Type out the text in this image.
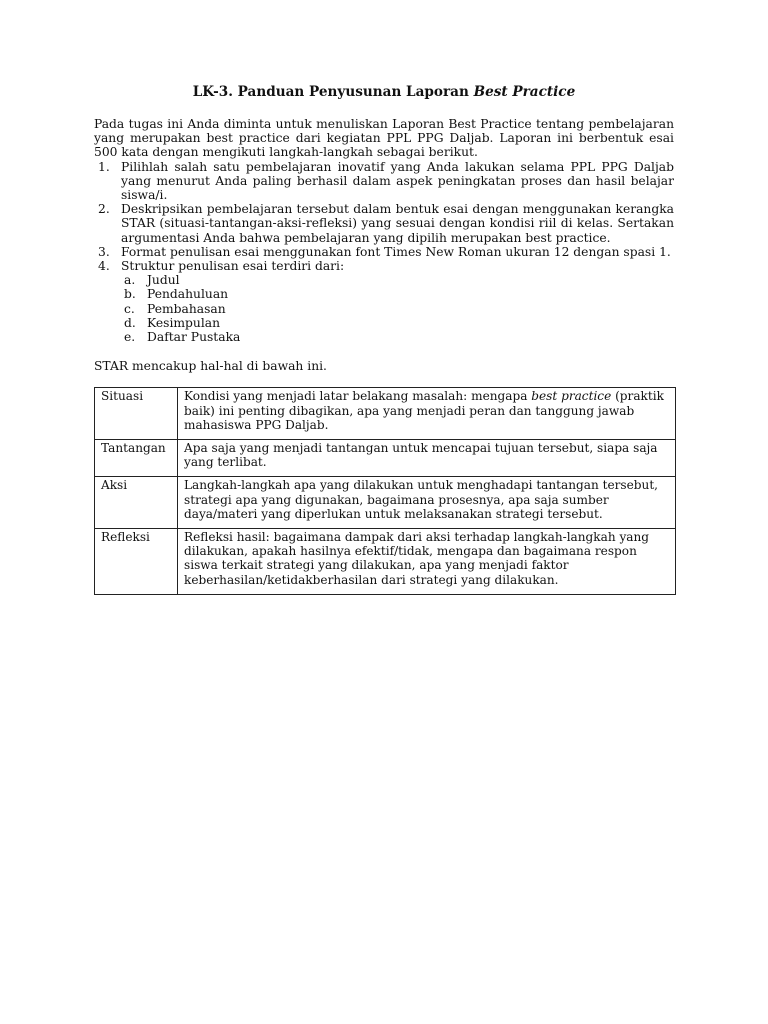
LK-3. Panduan Penyusunan Laporan Best Practice

Pada tugas ini Anda diminta untuk menuliskan Laporan Best Practice tentang pembelajaran yang merupakan best practice dari kegiatan PPL PPG Daljab. Laporan ini berbentuk esai 500 kata dengan mengikuti langkah-langkah sebagai berikut.

1. Pilihlah salah satu pembelajaran inovatif yang Anda lakukan selama PPL PPG Daljab yang menurut Anda paling berhasil dalam aspek peningkatan proses dan hasil belajar siswa/i.
2. Deskripsikan pembelajaran tersebut dalam bentuk esai dengan menggunakan kerangka STAR (situasi-tantangan-aksi-refleksi) yang sesuai dengan kondisi riil di kelas. Sertakan argumentasi Anda bahwa pembelajaran yang dipilih merupakan best practice.
3. Format penulisan esai menggunakan font Times New Roman ukuran 12 dengan spasi 1.
4. Struktur penulisan esai terdiri dari:
a. Judul
b. Pendahuluan
c. Pembahasan
d. Kesimpulan
e. Daftar Pustaka

STAR mencakup hal-hal di bawah ini.

Situasi	Kondisi yang menjadi latar belakang masalah: mengapa best practice (praktik baik) ini penting dibagikan, apa yang menjadi peran dan tanggung jawab mahasiswa PPG Daljab.
Tantangan	Apa saja yang menjadi tantangan untuk mencapai tujuan tersebut, siapa saja yang terlibat.
Aksi	Langkah-langkah apa yang dilakukan untuk menghadapi tantangan tersebut, strategi apa yang digunakan, bagaimana prosesnya, apa saja sumber daya/materi yang diperlukan untuk melaksanakan strategi tersebut.
Refleksi	Refleksi hasil: bagaimana dampak dari aksi terhadap langkah-langkah yang dilakukan, apakah hasilnya efektif/tidak, mengapa dan bagaimana respon siswa terkait strategi yang dilakukan, apa yang menjadi faktor keberhasilan/ketidakberhasilan dari strategi yang dilakukan.
